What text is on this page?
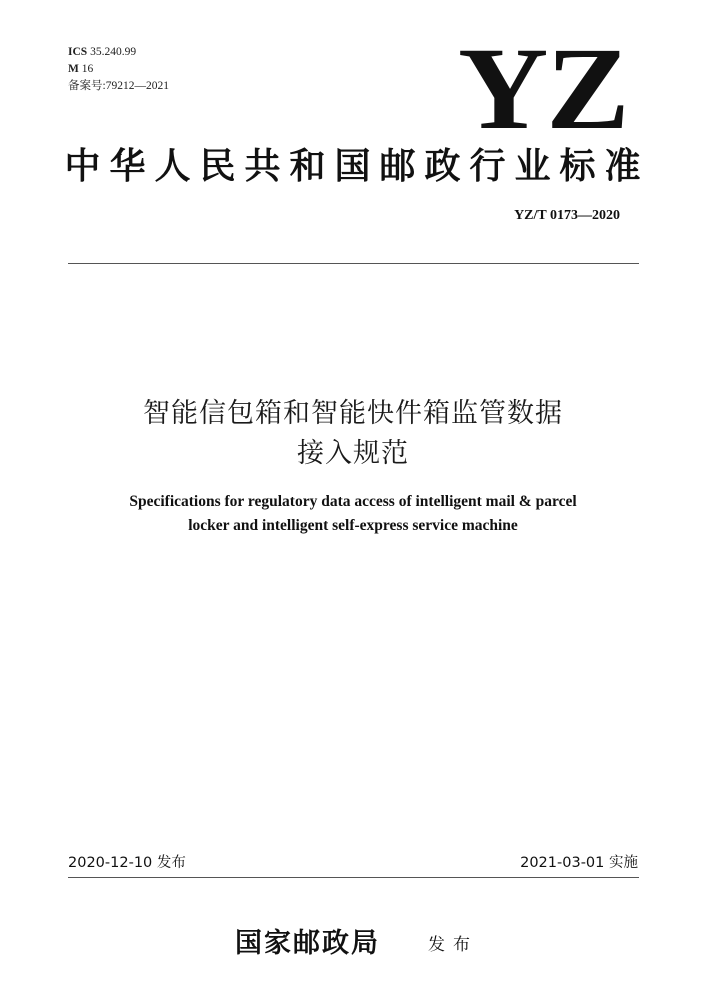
ICS 35.240.99
M 16
备案号:79212—2021 YZ
中华人民共和国邮政行业标准
YZ/T 0173—2020
智能信包箱和智能快件箱监管数据
接入规范
Specifications for regulatory data access of intelligent mail & parcel
locker and intelligent self-express service machine
2020-12-10 发布	2021-03-01 实施
国家邮政局	发布
